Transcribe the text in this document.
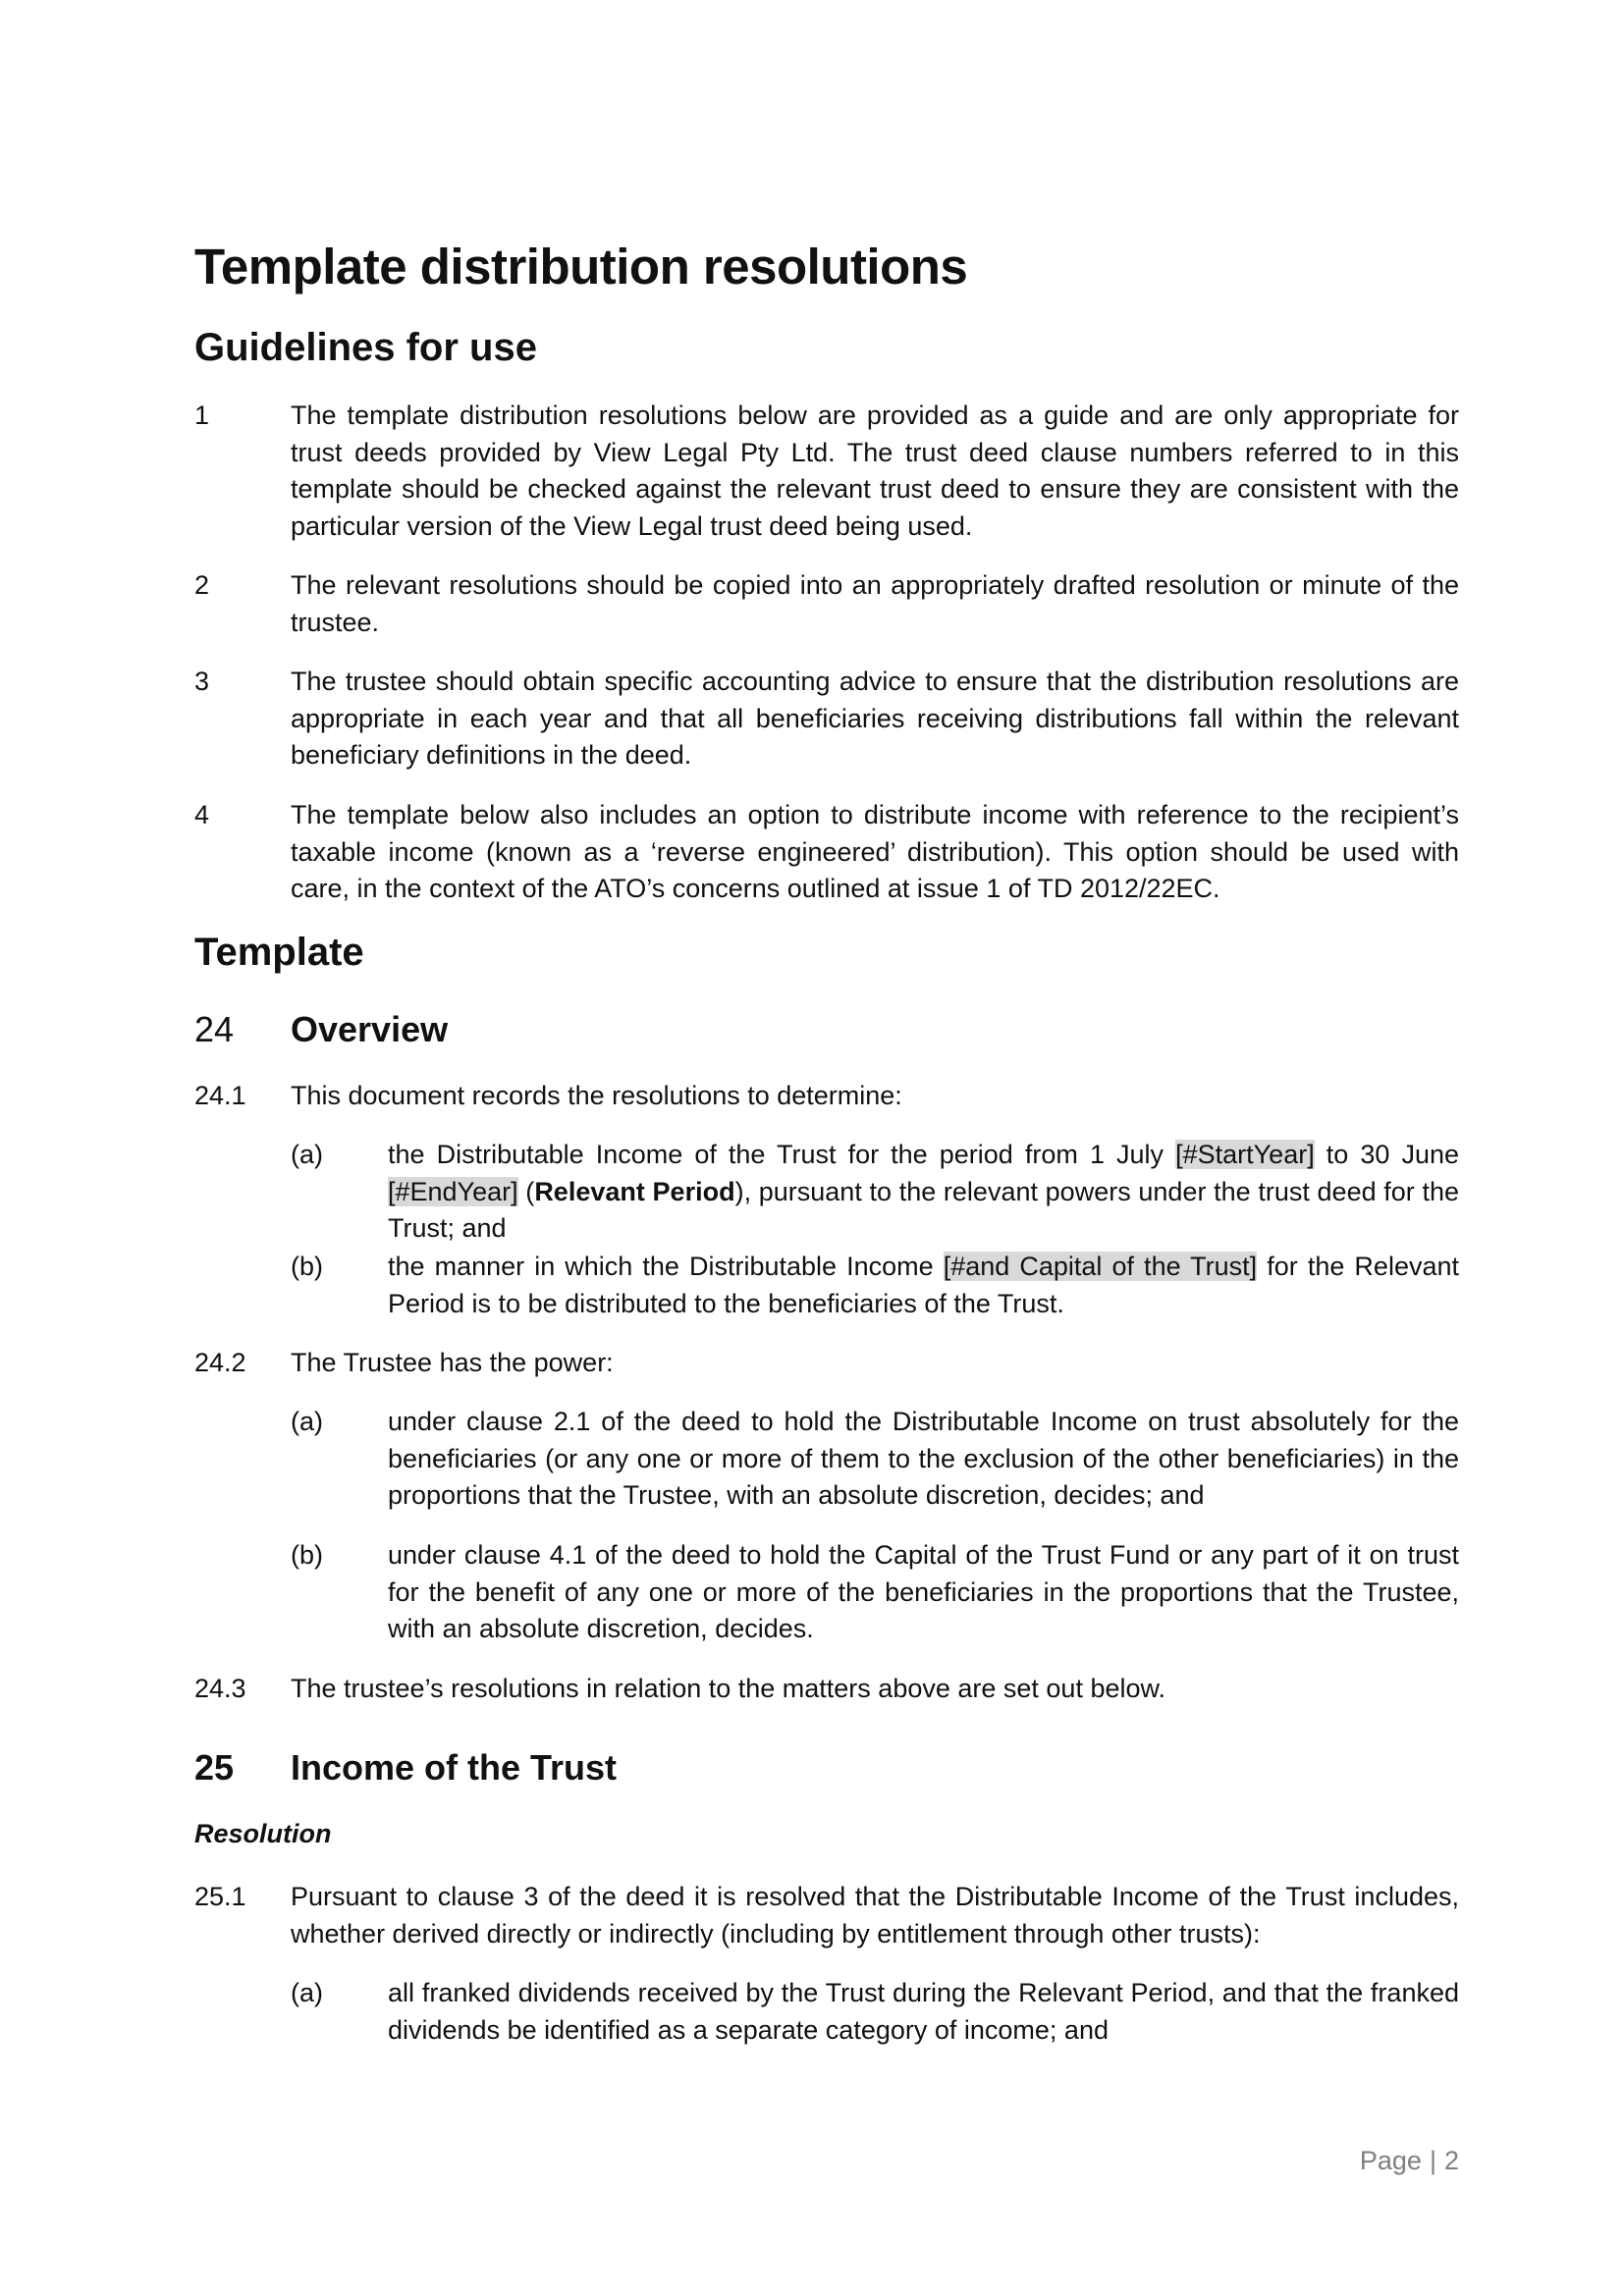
Template distribution resolutions
Guidelines for use
1	The template distribution resolutions below are provided as a guide and are only appropriate for trust deeds provided by View Legal Pty Ltd. The trust deed clause numbers referred to in this template should be checked against the relevant trust deed to ensure they are consistent with the particular version of the View Legal trust deed being used.

2	The relevant resolutions should be copied into an appropriately drafted resolution or minute of the trustee.

3	The trustee should obtain specific accounting advice to ensure that the distribution resolutions are appropriate in each year and that all beneficiaries receiving distributions fall within the relevant beneficiary definitions in the deed.

4	The template below also includes an option to distribute income with reference to the recipient’s taxable income (known as a ‘reverse engineered’ distribution). This option should be used with care, in the context of the ATO’s concerns outlined at issue 1 of TD 2012/22EC.

Template
24 Overview
24.1 This document records the resolutions to determine:

(a) the Distributable Income of the Trust for the period from 1 July [#StartYear] to 30 June [#EndYear] (Relevant Period), pursuant to the relevant powers under the trust deed for the Trust; and

(b) the manner in which the Distributable Income [#and Capital of the Trust] for the Relevant Period is to be distributed to the beneficiaries of the Trust.

24.2 The Trustee has the power:

(a) under clause 2.1 of the deed to hold the Distributable Income on trust absolutely for the beneficiaries (or any one or more of them to the exclusion of the other beneficiaries) in the proportions that the Trustee, with an absolute discretion, decides; and

(b) under clause 4.1 of the deed to hold the Capital of the Trust Fund or any part of it on trust for the benefit of any one or more of the beneficiaries in the proportions that the Trustee, with an absolute discretion, decides.

24.3 The trustee’s resolutions in relation to the matters above are set out below.

25 Income of the Trust
Resolution
25.1 Pursuant to clause 3 of the deed it is resolved that the Distributable Income of the Trust includes, whether derived directly or indirectly (including by entitlement through other trusts):

(a) all franked dividends received by the Trust during the Relevant Period, and that the franked dividends be identified as a separate category of income; and

Page | 2
